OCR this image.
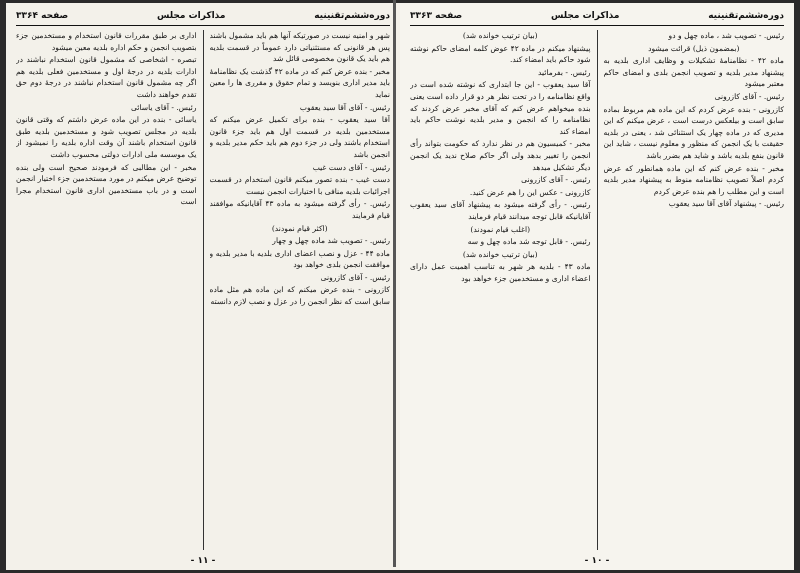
دوره‌ششم‌تقنینیه
مذاکرات مجلس
صفحه ۳۳۶۴

شهر و امنیه نیست در صورتیکه آنها هم باید مشمول باشند پس هر قانونی که مستثنیاتی دارد عموماً در قسمت بلدیه هم باید یک قانون مخصوصی قائل شد

مخبر - بنده عرض کنم که در ماده ۴۲ گذشت یک نظامنامهٔ باید مدیر اداری بنویسد و تمام حقوق و مقرری ها را معین نماید

رئیس. - آقای آقا سید یعقوب

آقا سید یعقوب - بنده برای تکمیل عرض میکنم که مستخدمین بلدیه در قسمت اول هم باید جزء قانون استخدام باشند ولی در جزء دوم هم باید حکم مدیر بلدیه و انجمن باشد

رئیس. - آقای دست غیب

دست غیب - بنده تصور میکنم قانون استخدام در قسمت اجرائیات بلدیه منافی با اختیارات انجمن نیست

رئیس. - رأی گرفته میشود به ماده ۴۳ آقایانیکه موافقند قیام فرمایند

(اکثر قیام نمودند)

رئیس. - تصویب شد ماده چهل و چهار

ماده ۴۴ - عزل و نصب اعضای اداری بلدیه با مدیر بلدیه و موافقت انجمن بلدی خواهد بود

رئیس. - آقای کازرونی

کازرونی - بنده عرض میکنم که این ماده هم مثل ماده سابق است که نظر انجمن را در عزل و نصب لازم دانسته

اداری بر طبق مقررات قانون استخدام و مستخدمین جزء بتصویب انجمن و حکم اداره بلدیه معین میشود

تبصره - اشخاصی که مشمول قانون استخدام نباشند در ادارات بلدیه در درجهٔ اول و مستخدمین فعلی بلدیه هم اگر چه مشمول قانون استخدام نباشند در درجهٔ دوم حق تقدم خواهند داشت

رئیس. - آقای یاسائی

یاسائی - بنده در این ماده عرض داشتم که وقتی قانون بلدیه در مجلس تصویب شود و مستخدمین بلدیه طبق قانون استخدام باشند آن وقت اداره بلدیه را نمیشود از یک موسسه ملی ادارات دولتی محسوب داشت

مخبر - این مطالبی که فرمودند صحیح است ولی بنده توضیح عرض میکنم در مورد مستخدمین جزء اختیار انجمن است و در باب مستخدمین اداری قانون استخدام مجرا است

- ۱۱ -
دوره‌ششم‌تقنینیه
مذاکرات مجلس
صفحه ۳۳۶۳

رئیس. - تصویب شد ، ماده چهل و دو

(بمضمون ذیل) قرائت میشود

ماده ۴۲ - نظامنامهٔ تشکیلات و وظایف اداری بلدیه به پیشنهاد مدیر بلدیه و تصویب انجمن بلدی و امضای حاکم معتبر میشود

رئیس. - آقای کازرونی

کازرونی - بنده عرض کردم که این ماده هم مربوط بماده سابق است و بیلعکس درست است ، عرض میکنم که این مدیری که در ماده چهار یک استثنائی شد ، یعنی در بلدیه حقیقت با یک انجمن که منظور و معلوم نیست ، شاید این قانون بنفع بلدیه باشد و شاید هم بضرر باشد

مخبر - بنده عرض کنم که این ماده همانطور که عرض کردم اصلاً تصویب نظامنامه منوط به پیشنهاد مدیر بلدیه است و این مطلب را هم بنده عرض کردم

رئیس. - پیشنهاد آقای آقا سید یعقوب

(بیان ترتیب خوانده شد)

پیشنهاد میکنم در ماده ۴۲ عوض کلمه امضای حاکم نوشته شود حاکم باید امضاء کند.

رئیس. - بفرمائید

آقا سید یعقوب - این جا ابتداری که نوشته شده است در واقع نظامنامه را در تحت نظر هر دو قرار داده است یعنی بنده میخواهم عرض کنم که آقای مخبر عرض کردند که نظامنامه را که انجمن و مدیر بلدیه نوشت حاکم باید امضاء کند

مخبر - کمیسیون هم در نظر ندارد که حکومت بتواند رأی انجمن را تغییر بدهد ولی اگر حاکم صلاح ندید یک انجمن دیگر تشکیل میدهد

رئیس. - آقای کازرونی

کازرونی - عکس این را هم عرض کنید.

رئیس. - رأی گرفته میشود به پیشنهاد آقای سید یعقوب آقایانیکه قابل توجه میدانند قیام فرمایند

(اغلب قیام نمودند)

رئیس. - قابل توجه شد ماده چهل و سه

(بیان ترتیب خوانده شد)

ماده ۴۳ - بلدیه هر شهر به تناسب اهمیت عمل دارای اعضاء اداری و مستخدمین جزء خواهد بود

- ۱۰ -
